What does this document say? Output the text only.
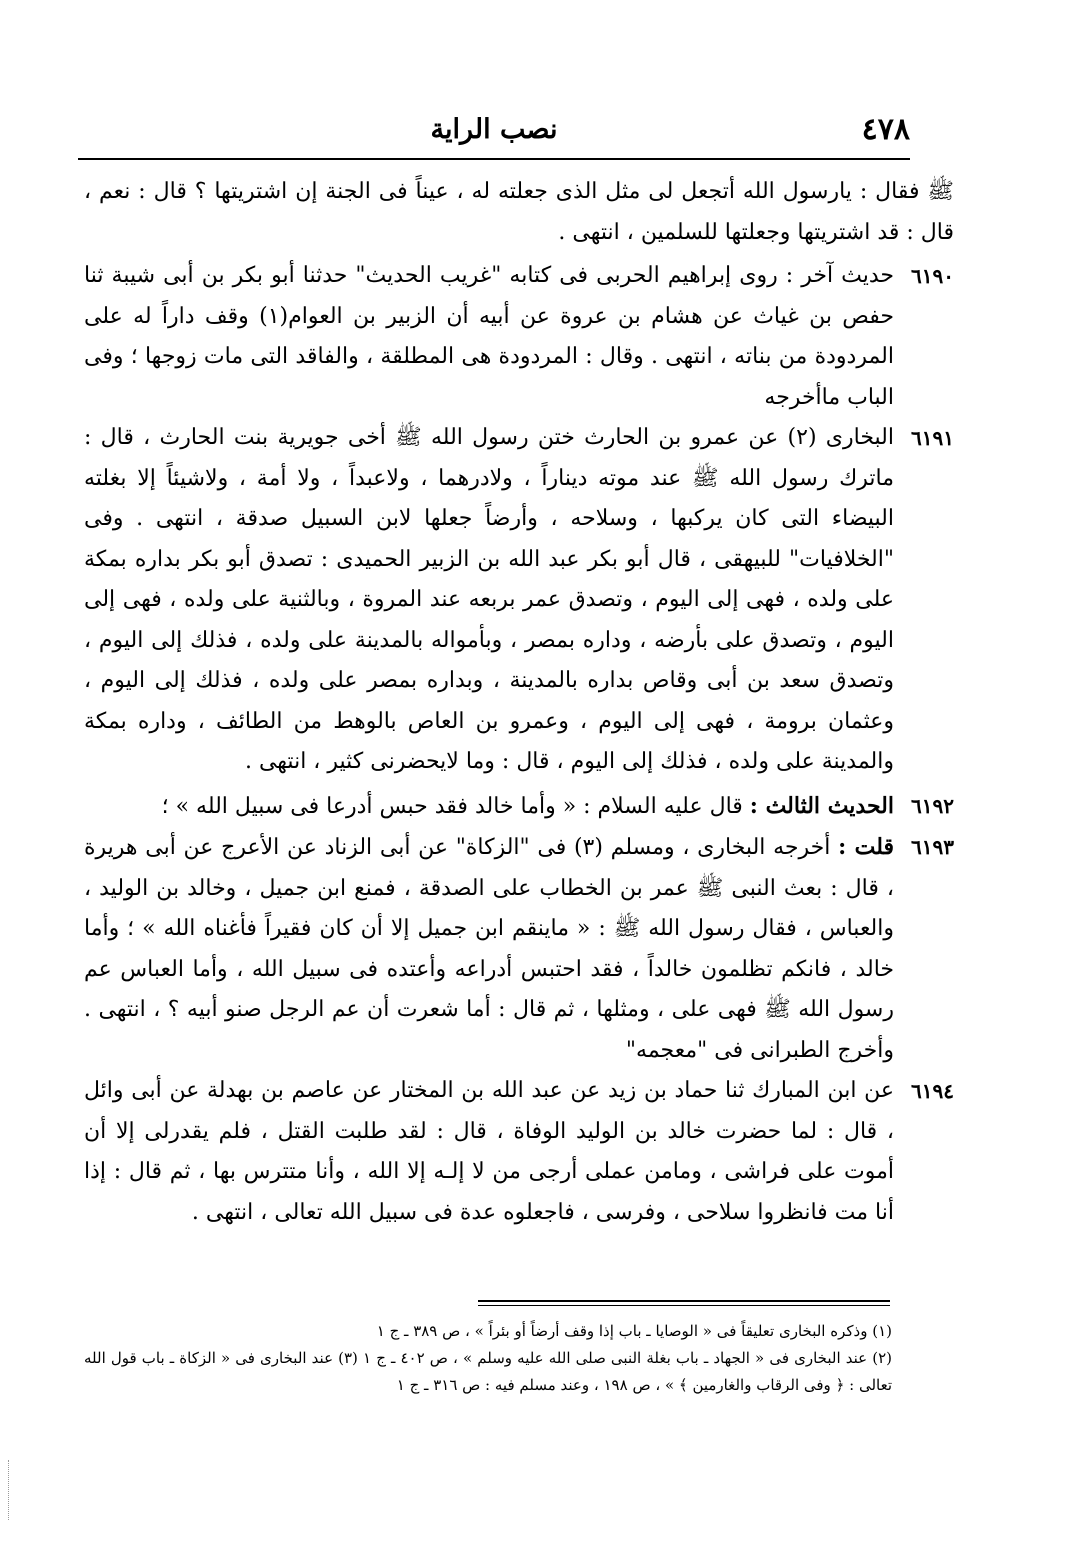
٤٧٨
نصب الراية

ﷺ فقال : يارسول الله أتجعل لى مثل الذى جعلته له ، عيناً فى الجنة إن اشتريتها ؟ قال : نعم ، قال : قد اشتريتها وجعلتها للسلمين ، انتهى .

٦١٩٠
حديث آخر : روى إبراهيم الحربى فى كتابه "غريب الحديث" حدثنا أبو بكر بن أبى شيبة ثنا حفص بن غياث عن هشام بن عروة عن أبيه أن الزبير بن العوام(١) وقف داراً له على المردودة من بناته ، انتهى . وقال : المردودة هى المطلقة ، والفاقد التى مات زوجها ؛ وفى الباب ماأخرجه

٦١٩١
البخارى (٢) عن عمرو بن الحارث ختن رسول الله ﷺ أخى جويرية بنت الحارث ، قال : ماترك رسول الله ﷺ عند موته ديناراً ، ولادرهما ، ولاعبداً ، ولا أمة ، ولاشيئاً إلا بغلته البيضاء التى كان يركبها ، وسلاحه ، وأرضاً جعلها لابن السبيل صدقة ، انتهى . وفى "الخلافيات" للبيهقى ، قال أبو بكر عبد الله بن الزبير الحميدى : تصدق أبو بكر بداره بمكة على ولده ، فهى إلى اليوم ، وتصدق عمر بربعه عند المروة ، وبالثنية على ولده ، فهى إلى اليوم ، وتصدق على بأرضه ، وداره بمصر ، وبأمواله بالمدينة على ولده ، فذلك إلى اليوم ، وتصدق سعد بن أبى وقاص بداره بالمدينة ، وبداره بمصر على ولده ، فذلك إلى اليوم ، وعثمان برومة ، فهى إلى اليوم ، وعمرو بن العاص بالوهط من الطائف ، وداره بمكة والمدينة على ولده ، فذلك إلى اليوم ، قال : وما لايحضرنى كثير ، انتهى .

٦١٩٢
الحديث الثالث : قال عليه السلام : « وأما خالد فقد حبس أدرعا فى سبيل الله » ؛

٦١٩٣
قلت : أخرجه البخارى ، ومسلم (٣) فى "الزكاة" عن أبى الزناد عن الأعرج عن أبى هريرة ، قال : بعث النبى ﷺ عمر بن الخطاب على الصدقة ، فمنع ابن جميل ، وخالد بن الوليد ، والعباس ، فقال رسول الله ﷺ : « ماينقم ابن جميل إلا أن كان فقيراً فأغناه الله » ؛ وأما خالد ، فانكم تظلمون خالداً ، فقد احتبس أدراعه وأعتده فى سبيل الله ، وأما العباس عم رسول الله ﷺ فهى على ، ومثلها ، ثم قال : أما شعرت أن عم الرجل صنو أبيه ؟ ، انتهى . وأخرج الطبرانى فى "معجمه"

٦١٩٤
عن ابن المبارك ثنا حماد بن زيد عن عبد الله بن المختار عن عاصم بن بهدلة عن أبى وائل ، قال : لما حضرت خالد بن الوليد الوفاة ، قال : لقد طلبت القتل ، فلم يقدرلى إلا أن أموت على فراشى ، ومامن عملى أرجى من لا إلـه إلا الله ، وأنا متترس بها ، ثم قال : إذا أنا مت فانظروا سلاحى ، وفرسى ، فاجعلوه عدة فى سبيل الله تعالى ، انتهى .

(١) وذكره البخارى تعليقاً فى « الوصايا ـ باب إذا وقف أرضاً أو بئراً » ، ص ٣٨٩ ـ ج ١

(٢) عند البخارى فى « الجهاد ـ باب بغلة النبى صلى الله عليه وسلم » ، ص ٤٠٢ ـ ج ١ (٣) عند البخارى فى « الزكاة ـ باب قول الله تعالى : ﴿ وفى الرقاب والغارمين ﴾ » ، ص ١٩٨ ، وعند مسلم فيه : ص ٣١٦ ـ ج ١
